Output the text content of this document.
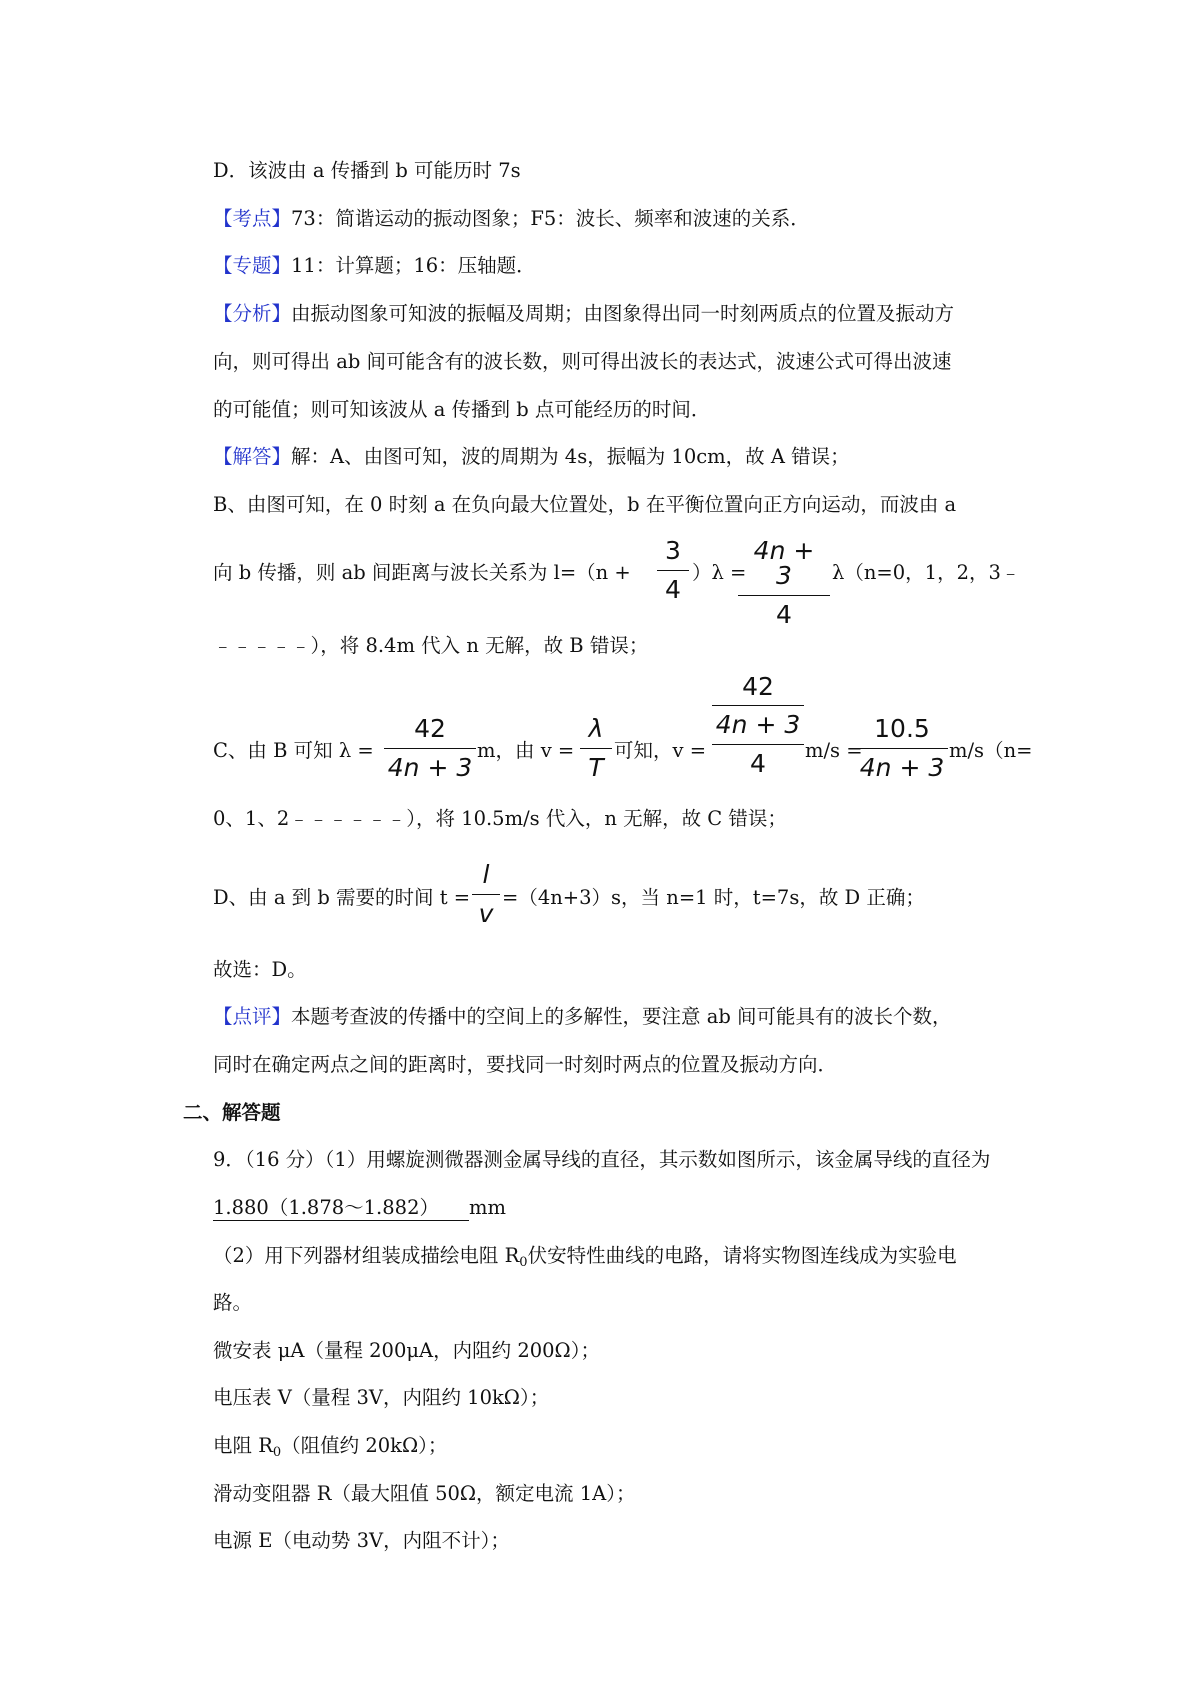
D．该波由 a 传播到 b 可能历时 7s
【考点】73：简谐运动的振动图象；F5：波长、频率和波速的关系．
【专题】11：计算题；16：压轴题．
【分析】由振动图象可知波的振幅及周期；由图象得出同一时刻两质点的位置及振动方
向，则可得出 ab 间可能含有的波长数，则可得出波长的表达式，波速公式可得出波速
的可能值；则可知该波从 a 传播到 b 点可能经历的时间．
【解答】解：A、由图可知，波的周期为 4s，振幅为 10cm，故 A 错误；
B、由图可知，在 0 时刻 a 在负向最大位置处，b 在平衡位置向正方向运动，而波由 a
向 b 传播，则 ab 间距离与波长关系为 $l=(n + \frac{3}{4} )\lambda$ =
$\frac{4n + 3}{4} \lambda(n=0$，1，2，3﹣
﹣﹣﹣﹣﹣），将 8.4m 代入 n 无解，故 B 错误；
C、由 B 可知 $\lambda = \frac{42}{4n + 3}$ m，由 $v = \frac{\lambda}{T}$ 可知，v =
42
4n + 3
4	m/s =
$\frac{10.5}{4n + 3} m/s(n=$
0、1、2﹣﹣﹣﹣﹣﹣），将 10.5m/s 代入，n 无解，故 C 错误；
D、由 a 到 b 需要的时间 $t = \frac{l}{v} =(4n+3)s$，当 n=1 时，t=7s，故 D 正确；
故选：D。
【点评】本题考查波的传播中的空间上的多解性，要注意 ab 间可能具有的波长个数，
同时在确定两点之间的距离时，要找同一时刻时两点的位置及振动方向．
二、解答题
9．（16 分）（1）用螺旋测微器测金属导线的直径，其示数如图所示，该金属导线的直径为
1.880（1.878～1.882） mm
（2）用下列器材组装成描绘电阻 $R_0$伏安特性曲线的电路，请将实物图连线成为实验电
路。
微安表 μA（量程 200μA，内阻约 200Ω）；
电压表 V（量程 3V，内阻约 10kΩ）；
电阻 $R_0$（阻值约 20kΩ）；
滑动变阻器 R（最大阻值 50Ω，额定电流 1A）；
电源 E（电动势 3V，内阻不计）；
